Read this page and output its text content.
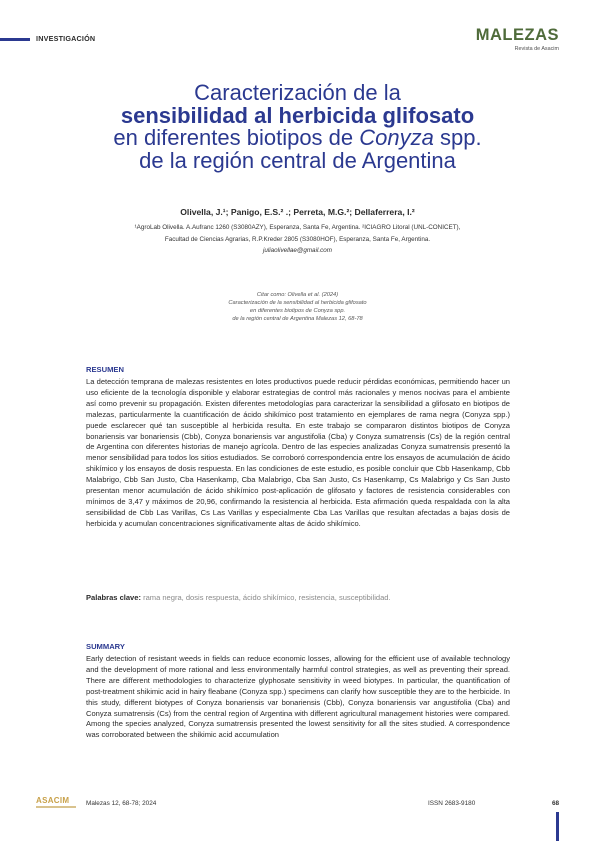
INVESTIGACIÓN	MALEZAS
Revista de Asacim
Caracterización de la
sensibilidad al herbicida glifosato
en diferentes biotipos de Conyza spp.
de la región central de Argentina
Olivella, J.¹; Panigo, E.S.² .; Perreta, M.G.²; Dellaferrera, I.²
¹AgroLab Olivella. A.Aufranc 1260 (S3080AZY), Esperanza, Santa Fe, Argentina. ²ICIAGRO Litoral (UNL-CONICET),
Facultad de Ciencias Agrarias, R.P.Kreder 2805 (S3080HOF), Esperanza, Santa Fe, Argentina.
juliaolivellae@gmail.com
Citar como: Olivella et al. (2024)
Caracterización de la sensibilidad al herbicida glifosato
en diferentes biotipos de Conyza spp.
de la región central de Argentina Malezas 12, 68-78
RESUMEN

La detección temprana de malezas resistentes en lotes productivos puede reducir pérdidas económicas, permitiendo hacer un uso eficiente de la tecnología disponible y elaborar estrategias de control más racionales y menos nocivas para el ambiente así como prevenir su propagación. Existen diferentes metodologías para caracterizar la sensibilidad a glifosato en biotipos de malezas, particularmente la cuantificación de ácido shikímico post tratamiento en ejemplares de rama negra (Conyza spp.) puede esclarecer qué tan susceptible al herbicida resulta. En este trabajo se compararon distintos biotipos de Conyza bonariensis var bonariensis (Cbb), Conyza bonariensis var angustifolia (Cba) y Conyza sumatrensis (Cs) de la región central de Argentina con diferentes historias de manejo agrícola. Dentro de las especies analizadas Conyza sumatrensis presentó la menor sensibilidad para todos los sitios estudiados. Se corroboró correspondencia entre los ensayos de acumulación de ácido shikímico y los ensayos de dosis respuesta. En las condiciones de este estudio, es posible concluir que Cbb Hasenkamp, Cbb Malabrigo, Cbb San Justo, Cba Hasenkamp, Cba Malabrigo, Cba San Justo, Cs Hasenkamp, Cs Malabrigo y Cs San Justo presentan menor acumulación de ácido shikímico post-aplicación de glifosato y factores de resistencia considerables con mínimos de 3,47 y máximos de 20,96, confirmando la resistencia al herbicida. Esta afirmación queda respaldada con la alta sensibilidad de Cbb Las Varillas, Cs Las Varillas y especialmente Cba Las Varillas que resultan afectadas a bajas dosis de herbicida y acumulan concentraciones significativamente altas de ácido shikímico.

Palabras clave: rama negra, dosis respuesta, ácido shikímico, resistencia, susceptibilidad.
SUMMARY

Early detection of resistant weeds in fields can reduce economic losses, allowing for the efficient use of available technology and the development of more rational and less environmentally harmful control strategies, as well as preventing their spread. There are different methodologies to characterize glyphosate sensitivity in weed biotypes. In particular, the quantification of post-treatment shikimic acid in hairy fleabane (Conyza spp.) specimens can clarify how susceptible they are to the herbicide. In this study, different biotypes of Conyza bonariensis var bonariensis (Cbb), Conyza bonariensis var angustifolia (Cba) and Conyza sumatrensis (Cs) from the central region of Argentina with different agricultural management histories were compared. Among the species analyzed, Conyza sumatrensis presented the lowest sensitivity for all the sites studied. A correspondence was corroborated between the shikimic acid accumulation

ASACIM	Malezas 12, 68-78; 2024	ISSN 2683-9180	68
